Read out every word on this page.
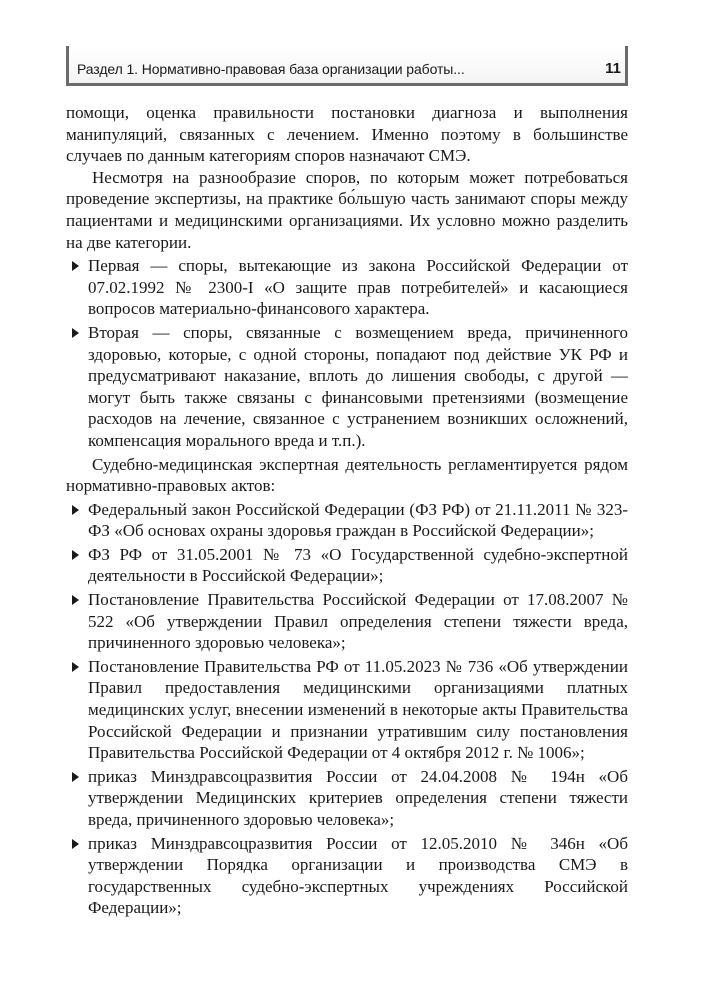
Раздел 1. Нормативно-правовая база организации работы...	11

помощи, оценка правильности постановки диагноза и выполнения манипуляций, связанных с лечением. Именно поэтому в большинстве случаев по данным категориям споров назначают СМЭ.

Несмотря на разнообразие споров, по которым может потребоваться проведение экспертизы, на практике бо́льшую часть занимают споры между пациентами и медицинскими организациями. Их условно можно разделить на две категории.

Первая — споры, вытекающие из закона Российской Федерации от 07.02.1992 № 2300-I «О защите прав потребителей» и касающиеся вопросов материально-финансового характера.
Вторая — споры, связанные с возмещением вреда, причиненного здоровью, которые, с одной стороны, попадают под действие УК РФ и предусматривают наказание, вплоть до лишения свободы, с другой — могут быть также связаны с финансовыми претензиями (возмещение расходов на лечение, связанное с устранением возникших осложнений, компенсация морального вреда и т.п.).

Судебно-медицинская экспертная деятельность регламентируется рядом нормативно-правовых актов:

Федеральный закон Российской Федерации (ФЗ РФ) от 21.11.2011 № 323-ФЗ «Об основах охраны здоровья граждан в Российской Федерации»;
ФЗ РФ от 31.05.2001 № 73 «О Государственной судебно-экспертной деятельности в Российской Федерации»;
Постановление Правительства Российской Федерации от 17.08.2007 № 522 «Об утверждении Правил определения степени тяжести вреда, причиненного здоровью человека»;
Постановление Правительства РФ от 11.05.2023 № 736 «Об утверждении Правил предоставления медицинскими организациями платных медицинских услуг, внесении изменений в некоторые акты Правительства Российской Федерации и признании утратившим силу постановления Правительства Российской Федерации от 4 октября 2012 г. № 1006»;
приказ Минздравсоцразвития России от 24.04.2008 № 194н «Об утверждении Медицинских критериев определения степени тяжести вреда, причиненного здоровью человека»;
приказ Минздравсоцразвития России от 12.05.2010 № 346н «Об утверждении Порядка организации и производства СМЭ в государственных судебно-экспертных учреждениях Российской Федерации»;
